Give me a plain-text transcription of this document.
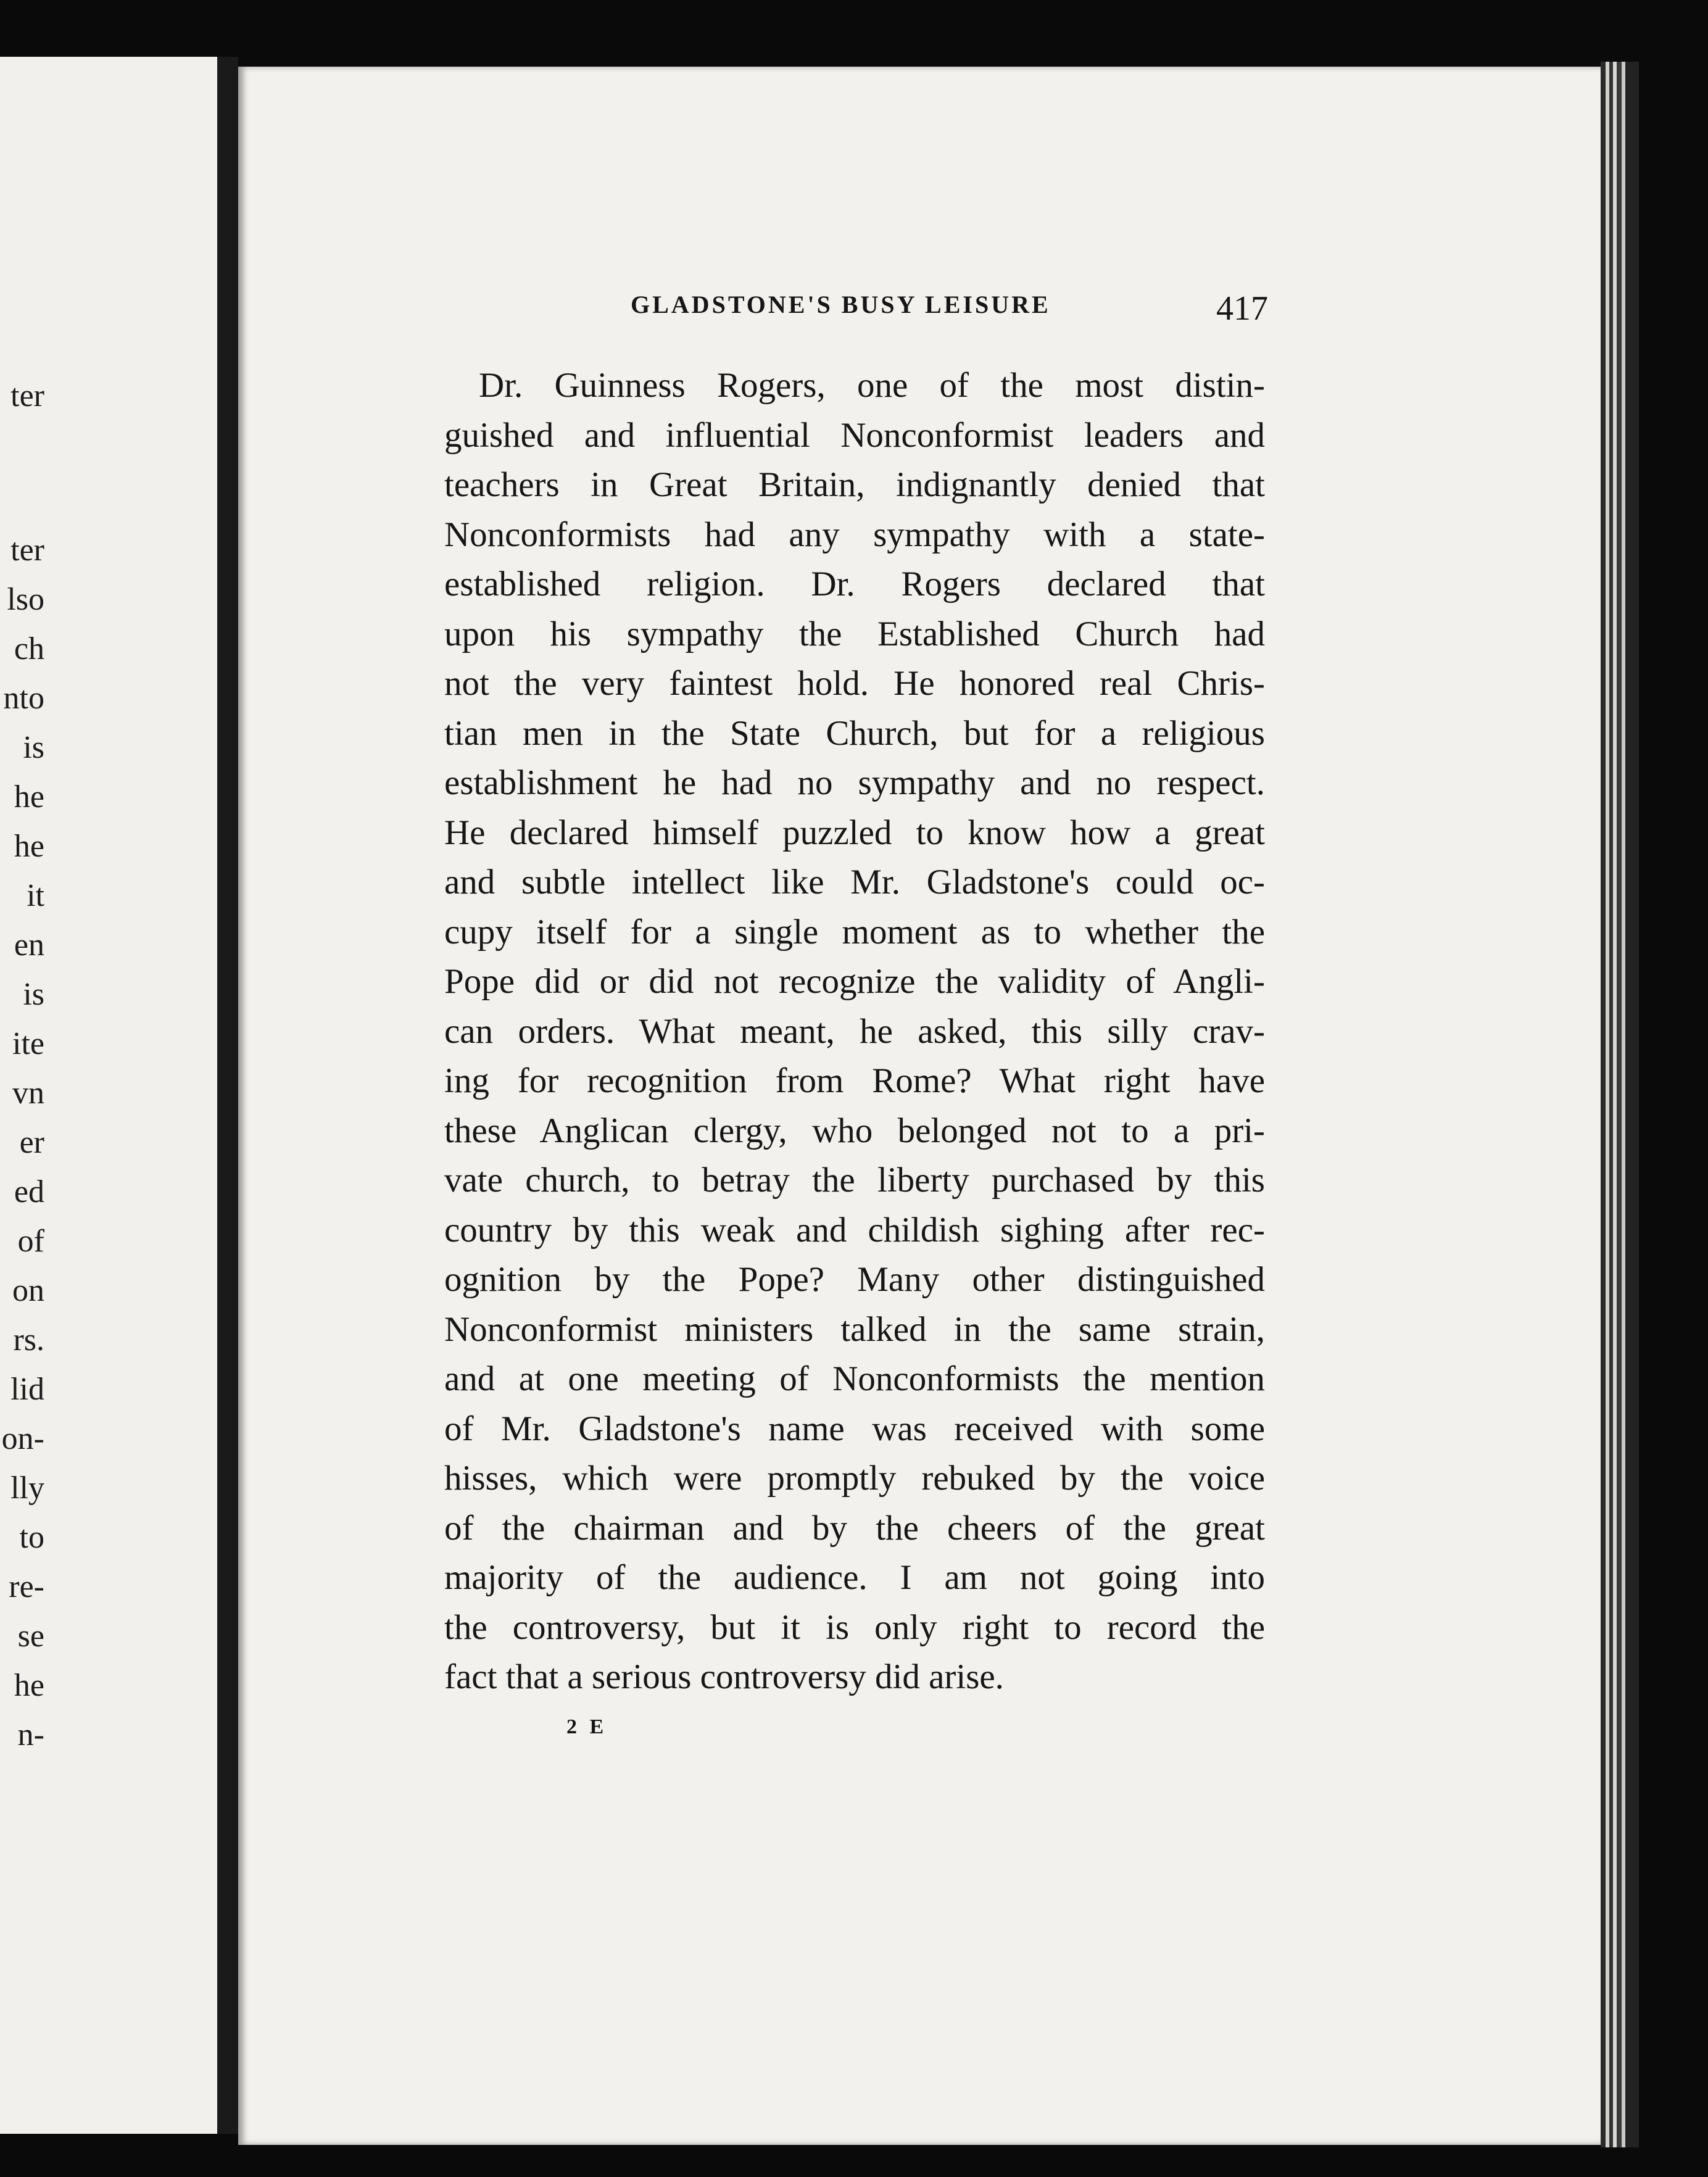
ter
ter
lso
ch
nto
is
he
he
it
en
is
ite
vn
er
ed
of
on
rs.
lid
on-
lly
to
re-
se
he
n-
GLADSTONE'S BUSY LEISURE	417
Dr. Guinness Rogers, one of the most distin-
guished and influential Nonconformist leaders and
teachers in Great Britain, indignantly denied that
Nonconformists had any sympathy with a state-
established religion. Dr. Rogers declared that
upon his sympathy the Established Church had
not the very faintest hold. He honored real Chris-
tian men in the State Church, but for a religious
establishment he had no sympathy and no respect.
He declared himself puzzled to know how a great
and subtle intellect like Mr. Gladstone's could oc-
cupy itself for a single moment as to whether the
Pope did or did not recognize the validity of Angli-
can orders. What meant, he asked, this silly crav-
ing for recognition from Rome? What right have
these Anglican clergy, who belonged not to a pri-
vate church, to betray the liberty purchased by this
country by this weak and childish sighing after rec-
ognition by the Pope? Many other distinguished
Nonconformist ministers talked in the same strain,
and at one meeting of Nonconformists the mention
of Mr. Gladstone's name was received with some
hisses, which were promptly rebuked by the voice
of the chairman and by the cheers of the great
majority of the audience. I am not going into
the controversy, but it is only right to record the
fact that a serious controversy did arise.
2 E
